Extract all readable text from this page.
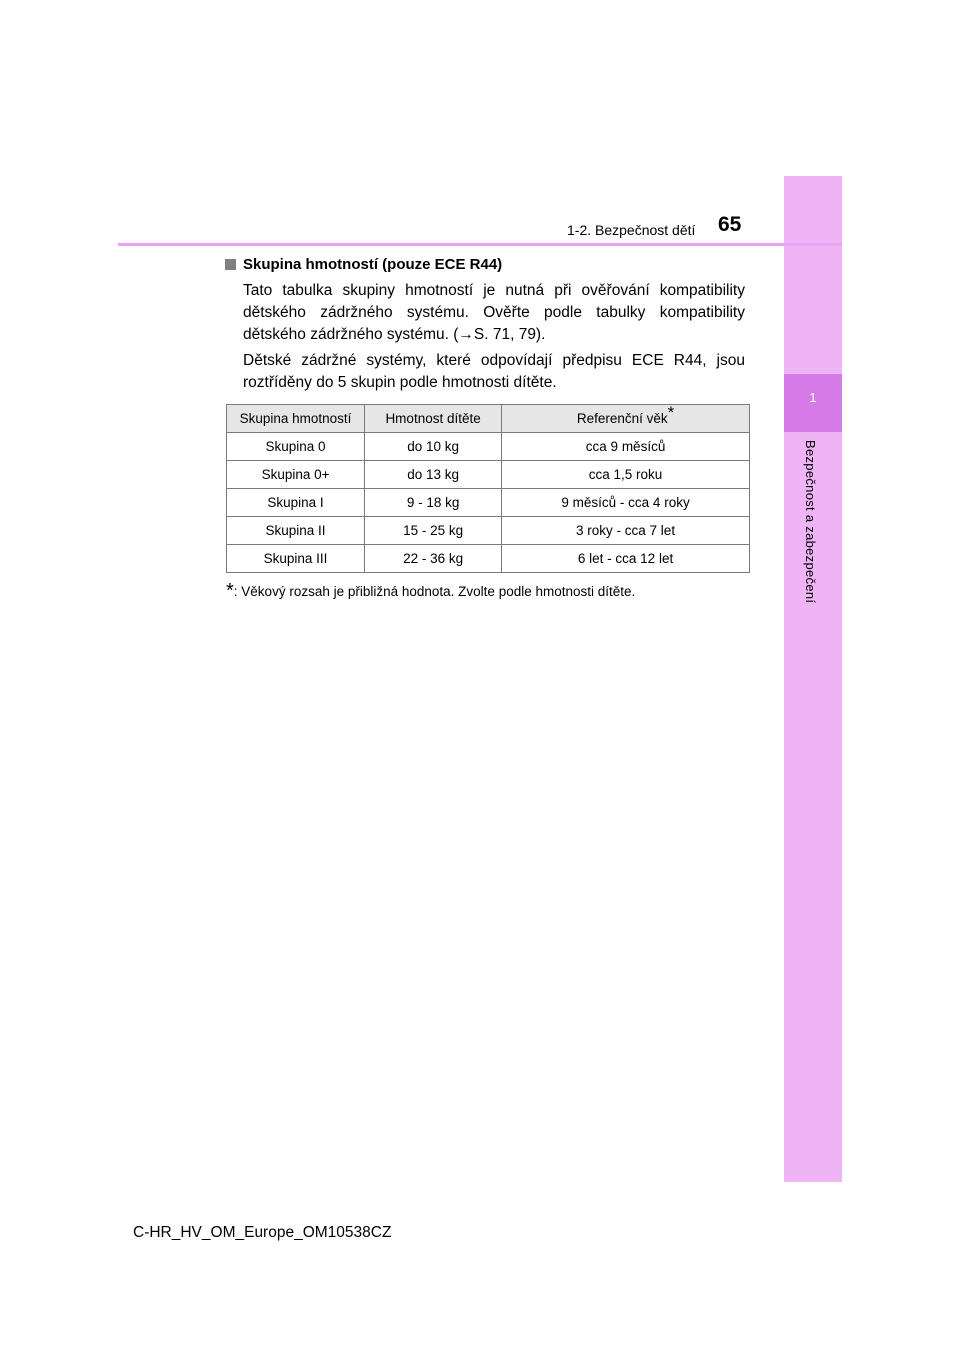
1
Bezpečnost a zabezpečení
1-2. Bezpečnost dětí 65
Skupina hmotností (pouze ECE R44)

Tato tabulka skupiny hmotností je nutná při ověřování kompatibility dětského zádržného systému. Ověřte podle tabulky kompatibility dětského zádržného systému. (→S. 71, 79).

Dětské zádržné systémy, které odpovídají předpisu ECE R44, jsou roztříděny do 5 skupin podle hmotnosti dítěte.

Skupina hmotností	Hmotnost dítěte	Referenční věk*
Skupina 0	do 10 kg	cca 9 měsíců
Skupina 0+	do 13 kg	cca 1,5 roku
Skupina I	9 - 18 kg	9 měsíců - cca 4 roky
Skupina II	15 - 25 kg	3 roky - cca 7 let
Skupina III	22 - 36 kg	6 let - cca 12 let
*: Věkový rozsah je přibližná hodnota. Zvolte podle hmotnosti dítěte.
C-HR_HV_OM_Europe_OM10538CZ
